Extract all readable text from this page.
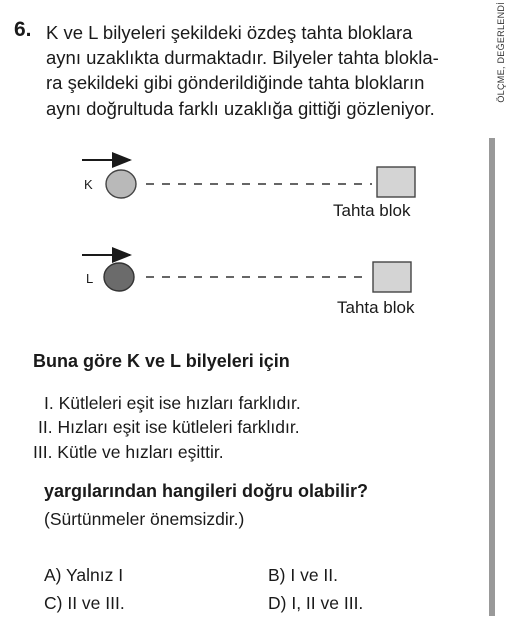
6. K ve L bilyeleri şekildeki özdeş tahta bloklara
aynı uzaklıkta durmaktadır. Bilyeler tahta blokla-
ra şekildeki gibi gönderildiğinde tahta blokların
aynı doğrultuda farklı uzaklığa gittiği gözleniyor.
ÖLÇME, DEĞERLENDİ
K
Tahta blok
L
Tahta blok
Buna göre K ve L bilyeleri için
I. Kütleleri eşit ise hızları farklıdır.
II. Hızları eşit ise kütleleri farklıdır.
III. Kütle ve hızları eşittir.
yargılarından hangileri doğru olabilir?
(Sürtünmeler önemsizdir.)
A) Yalnız I	B) I ve II.
C) II ve III.	D) I, II ve III.
